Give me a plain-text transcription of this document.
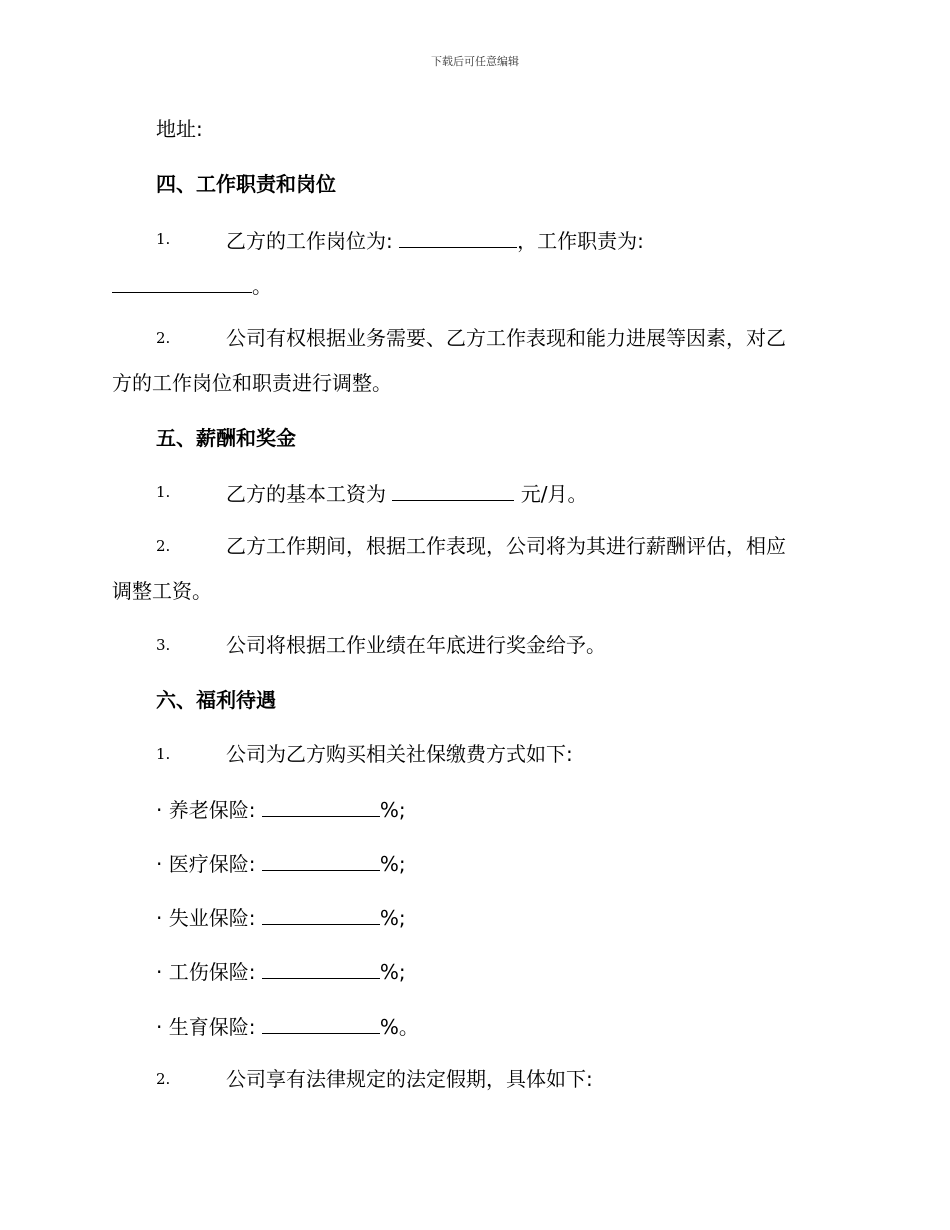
下载后可任意编辑
地址:
四、工作职责和岗位
1.	乙方的工作岗位为:	，工作职责为:
。
2.	公司有权根据业务需要、乙方工作表现和能力进展等因素，对乙
方的工作岗位和职责进行调整。
五、薪酬和奖金
1.	乙方的基本工资为	元/月。
2.	乙方工作期间，根据工作表现，公司将为其进行薪酬评估，相应
调整工资。
3.	公司将根据工作业绩在年底进行奖金给予。
六、福利待遇
1.	公司为乙方购买相关社保缴费方式如下:
· 养老保险:	%;
· 医疗保险:	%;
· 失业保险:	%;
· 工伤保险:	%;
· 生育保险:	%。
2.	公司享有法律规定的法定假期，具体如下:
